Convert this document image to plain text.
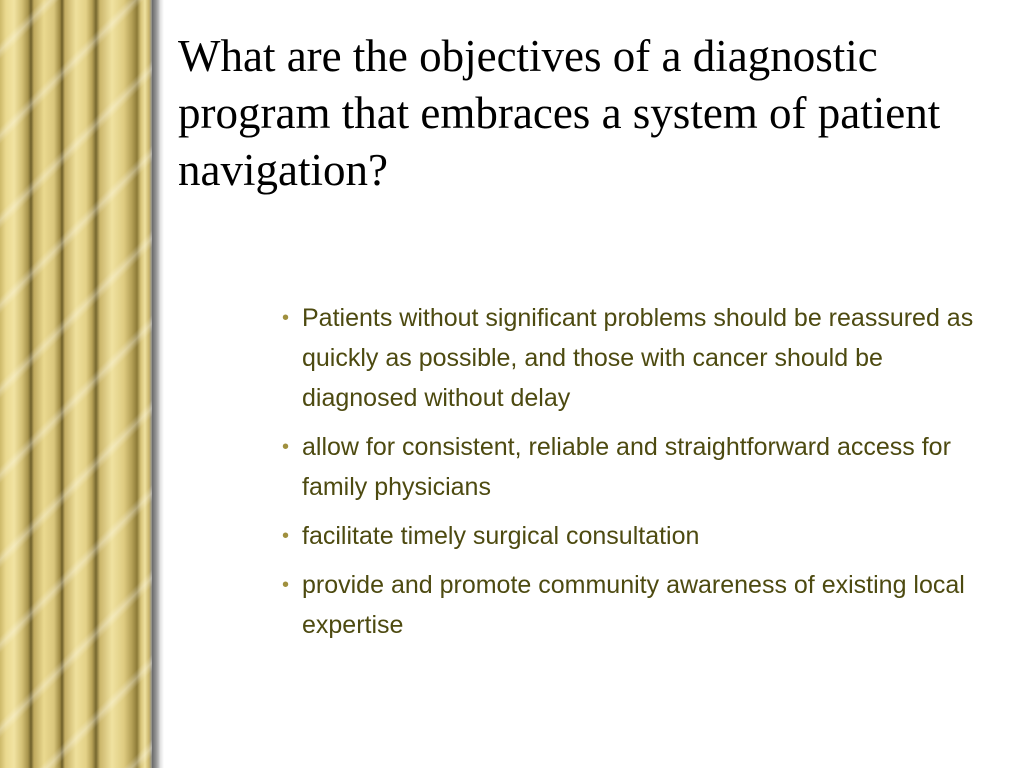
What are the objectives of a diagnostic program that embraces a system of patient navigation?
• Patients without significant problems should be reassured as quickly as possible, and those with cancer should be diagnosed without delay
• allow for consistent, reliable and straightforward access for family physicians
• facilitate timely surgical consultation
• provide and promote community awareness of existing local expertise
